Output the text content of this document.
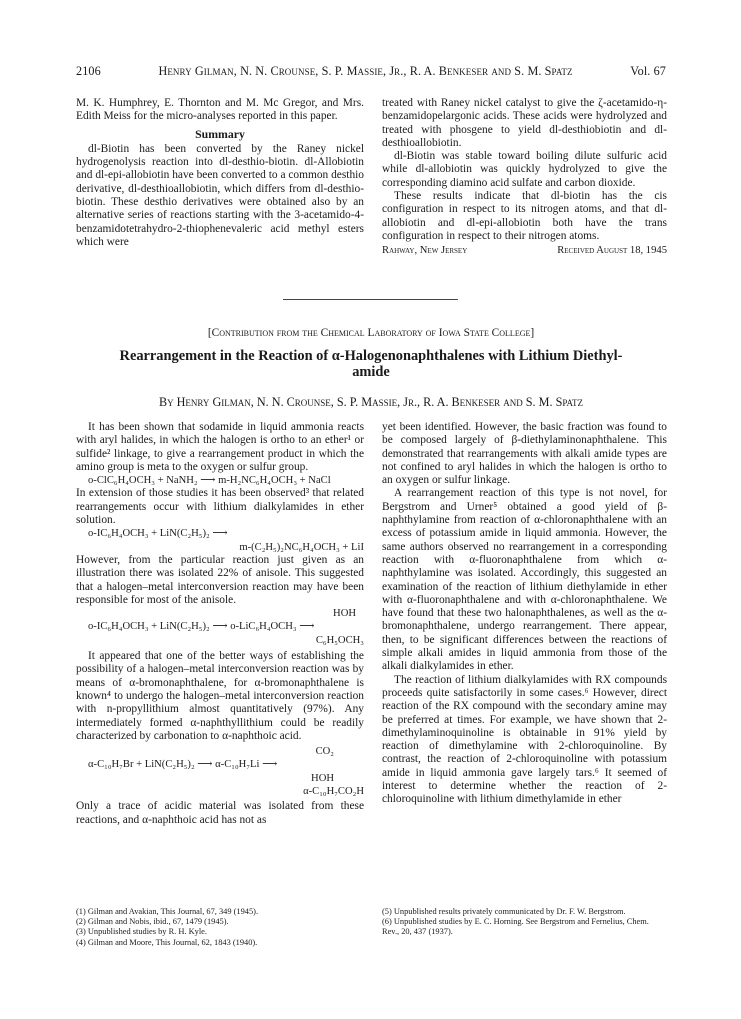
2106	Henry Gilman, N. N. Crounse, S. P. Massie, Jr., R. A. Benkeser and S. M. Spatz	Vol. 67

M. K. Humphrey, E. Thornton and M. Mc Gregor, and Mrs. Edith Meiss for the micro-analyses reported in this paper.

Summary

dl-Biotin has been converted by the Raney nickel hydrogenolysis reaction into dl-desthio-biotin. dl-Allobiotin and dl-epi-allobiotin have been converted to a common desthio derivative, dl-desthioallobiotin, which differs from dl-desthio-biotin. These desthio derivatives were obtained also by an alternative series of reactions starting with the 3-acetamido-4-benzamidotetrahydro-2-thiophenevaleric acid methyl esters which were

treated with Raney nickel catalyst to give the ζ-acetamido-η-benzamidopelargonic acids. These acids were hydrolyzed and treated with phosgene to yield dl-desthiobiotin and dl-desthioallobiotin.

dl-Biotin was stable toward boiling dilute sulfuric acid while dl-allobiotin was quickly hydrolyzed to give the corresponding diamino acid sulfate and carbon dioxide.

These results indicate that dl-biotin has the cis configuration in respect to its nitrogen atoms, and that dl-allobiotin and dl-epi-allobiotin both have the trans configuration in respect to their nitrogen atoms.

Rahway, New Jersey	Received August 18, 1945
[Contribution from the Chemical Laboratory of Iowa State College]
Rearrangement in the Reaction of α-Halogenonaphthalenes with Lithium Diethyl-
amide
By Henry Gilman, N. N. Crounse, S. P. Massie, Jr., R. A. Benkeser and S. M. Spatz

It has been shown that sodamide in liquid ammonia reacts with aryl halides, in which the halogen is ortho to an ether¹ or sulfide² linkage, to give a rearrangement product in which the amino group is meta to the oxygen or sulfur group.

o-ClC₆H₄OCH₃ + NaNH₂ ⟶ m-H₂NC₆H₄OCH₃ + NaCl

In extension of those studies it has been observed³ that related rearrangements occur with lithium dialkylamides in ether solution.

o-IC₆H₄OCH₃ + LiN(C₂H₅)₂ ⟶

m-(C₂H₅)₂NC₆H₄OCH₃ + LiI

However, from the particular reaction just given as an illustration there was isolated 22% of anisole. This suggested that a halogen–metal interconversion reaction may have been responsible for most of the anisole.

HOH

o-IC₆H₄OCH₃ + LiN(C₂H₅)₂ ⟶ o-LiC₆H₄OCH₃ ⟶

C₆H₅OCH₃

It appeared that one of the better ways of establishing the possibility of a halogen–metal interconversion reaction was by means of α-bromonaphthalene, for α-bromonaphthalene is known⁴ to undergo the halogen–metal interconversion reaction with n-propyllithium almost quantitatively (97%). Any intermediately formed α-naphthyllithium could be readily characterized by carbonation to α-naphthoic acid.

CO₂

α-C₁₀H₇Br + LiN(C₂H₅)₂ ⟶ α-C₁₀H₇Li ⟶

HOH

α-C₁₀H₇CO₂H

Only a trace of acidic material was isolated from these reactions, and α-naphthoic acid has not as

yet been identified. However, the basic fraction was found to be composed largely of β-diethylaminonaphthalene. This demonstrated that rearrangements with alkali amide types are not confined to aryl halides in which the halogen is ortho to an oxygen or sulfur linkage.

A rearrangement reaction of this type is not novel, for Bergstrom and Urner⁵ obtained a good yield of β-naphthylamine from reaction of α-chloronaphthalene with an excess of potassium amide in liquid ammonia. However, the same authors observed no rearrangement in a corresponding reaction with α-fluoronaphthalene from which α-naphthylamine was isolated. Accordingly, this suggested an examination of the reaction of lithium diethylamide in ether with α-fluoronaphthalene and with α-chloronaphthalene. We have found that these two halonaphthalenes, as well as the α-bromonaphthalene, undergo rearrangement. There appear, then, to be significant differences between the reactions of simple alkali amides in liquid ammonia from those of the alkali dialkylamides in ether.

The reaction of lithium dialkylamides with RX compounds proceeds quite satisfactorily in some cases.⁶ However, direct reaction of the RX compound with the secondary amine may be preferred at times. For example, we have shown that 2-dimethylaminoquinoline is obtainable in 91% yield by reaction of dimethylamine with 2-chloroquinoline. By contrast, the reaction of 2-chloroquinoline with potassium amide in liquid ammonia gave largely tars.⁶ It seemed of interest to determine whether the reaction of 2-chloroquinoline with lithium dimethylamide in ether

(1) Gilman and Avakian, This Journal, 67, 349 (1945).
(2) Gilman and Nobis, ibid., 67, 1479 (1945).
(3) Unpublished studies by R. H. Kyle.
(4) Gilman and Moore, This Journal, 62, 1843 (1940).
(5) Unpublished results privately communicated by Dr. F. W. Bergstrom.
(6) Unpublished studies by E. C. Horning. See Bergstrom and Fernelius, Chem. Rev., 20, 437 (1937).
